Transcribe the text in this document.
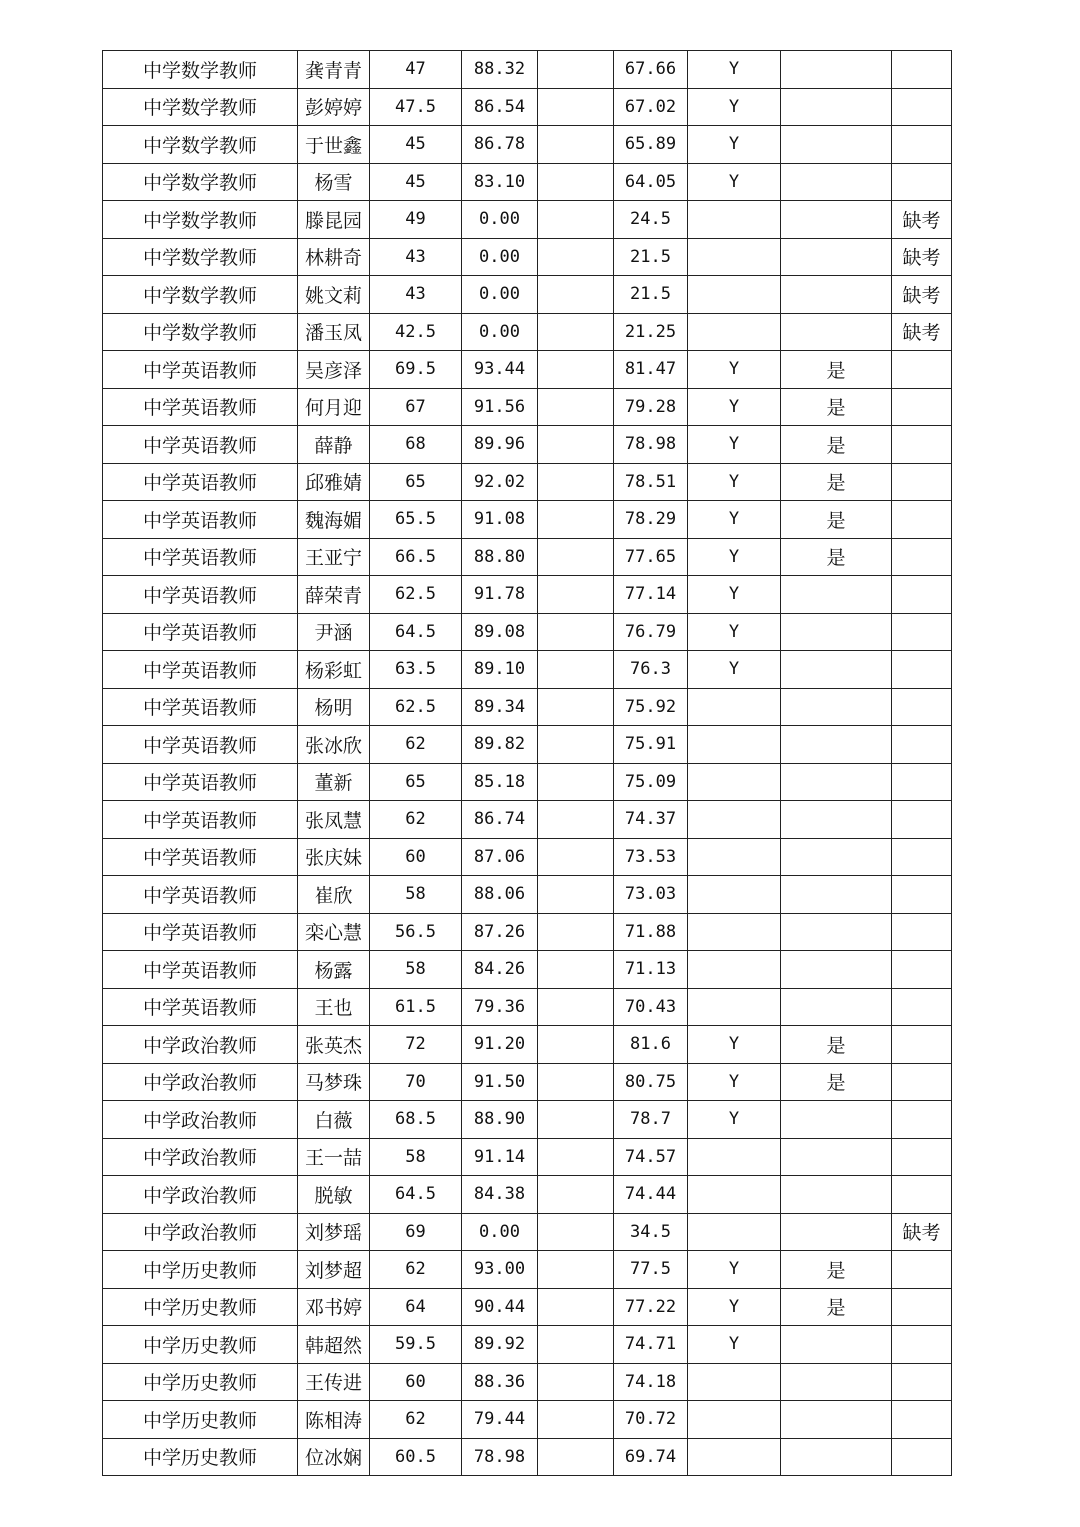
中学数学教师	龚青青	47	88.32		67.66	Y		
中学数学教师	彭婷婷	47.5	86.54		67.02	Y		
中学数学教师	于世鑫	45	86.78		65.89	Y		
中学数学教师	杨雪	45	83.10		64.05	Y		
中学数学教师	滕昆园	49	0.00		24.5			缺考
中学数学教师	林耕奇	43	0.00		21.5			缺考
中学数学教师	姚文莉	43	0.00		21.5			缺考
中学数学教师	潘玉凤	42.5	0.00		21.25			缺考
中学英语教师	吴彦泽	69.5	93.44		81.47	Y	是	
中学英语教师	何月迎	67	91.56		79.28	Y	是	
中学英语教师	薛静	68	89.96		78.98	Y	是	
中学英语教师	邱雅婧	65	92.02		78.51	Y	是	
中学英语教师	魏海媚	65.5	91.08		78.29	Y	是	
中学英语教师	王亚宁	66.5	88.80		77.65	Y	是	
中学英语教师	薛荣青	62.5	91.78		77.14	Y		
中学英语教师	尹涵	64.5	89.08		76.79	Y		
中学英语教师	杨彩虹	63.5	89.10		76.3	Y		
中学英语教师	杨明	62.5	89.34		75.92			
中学英语教师	张冰欣	62	89.82		75.91			
中学英语教师	董新	65	85.18		75.09			
中学英语教师	张凤慧	62	86.74		74.37			
中学英语教师	张庆妹	60	87.06		73.53			
中学英语教师	崔欣	58	88.06		73.03			
中学英语教师	栾心慧	56.5	87.26		71.88			
中学英语教师	杨露	58	84.26		71.13			
中学英语教师	王也	61.5	79.36		70.43			
中学政治教师	张英杰	72	91.20		81.6	Y	是	
中学政治教师	马梦珠	70	91.50		80.75	Y	是	
中学政治教师	白薇	68.5	88.90		78.7	Y		
中学政治教师	王一喆	58	91.14		74.57			
中学政治教师	脱敏	64.5	84.38		74.44			
中学政治教师	刘梦瑶	69	0.00		34.5			缺考
中学历史教师	刘梦超	62	93.00		77.5	Y	是	
中学历史教师	邓书婷	64	90.44		77.22	Y	是	
中学历史教师	韩超然	59.5	89.92		74.71	Y		
中学历史教师	王传进	60	88.36		74.18			
中学历史教师	陈相涛	62	79.44		70.72			
中学历史教师	位冰娴	60.5	78.98		69.74			
